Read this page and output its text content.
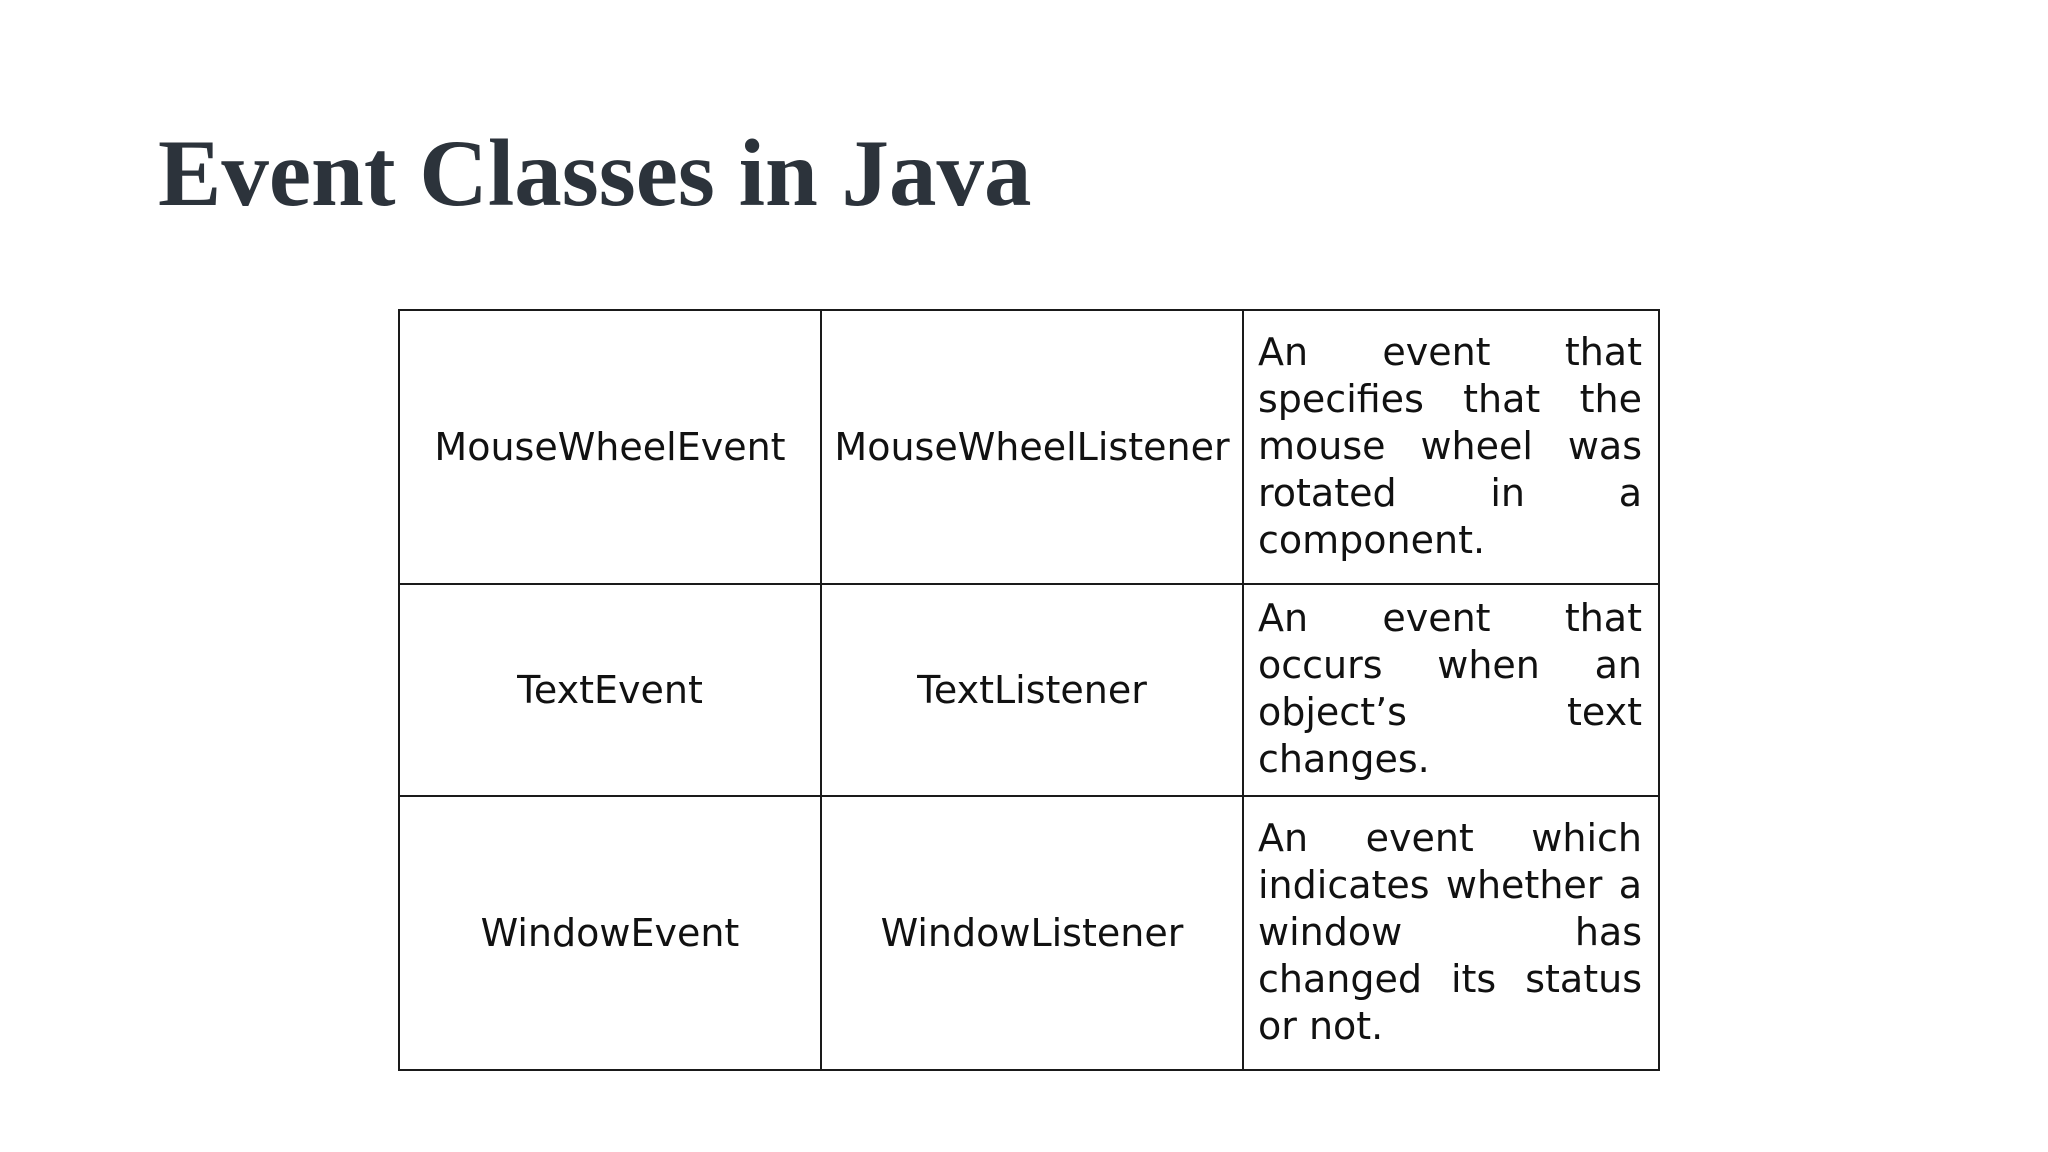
Event Classes in Java
MouseWheelEvent	MouseWheelListener	An event that specifies that the mouse wheel was rotated in a component.
TextEvent	TextListener	An event that occurs when an object’s text changes.
WindowEvent	WindowListener	An event which indicates whether a window has changed its status or not.
